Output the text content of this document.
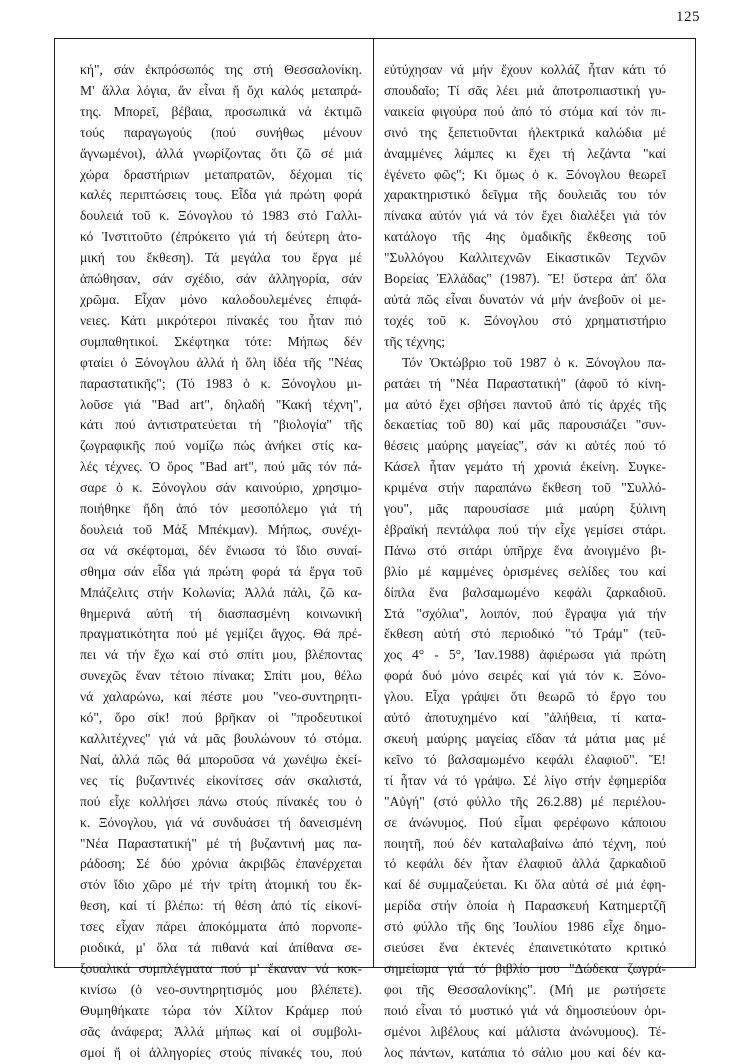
125
κή", σάν ἐκπρόσωπός της στή Θεσσαλονίκη.
Μ' ἄλλα λόγια, ἄν εἶναι ἤ ὄχι καλός μεταπρά-
της. Μπορεῖ, βέβαια, προσωπικά νά ἐκτιμῶ
τούς παραγωγούς (πού συνήθως μένουν
ἄγνωμένοι), ἀλλά γνωρίζοντας ὅτι ζῶ σέ μιά
χώρα δραστήριων μεταπρατῶν, δέχομαι τίς
καλές περιπτώσεις τους. Εἶδα γιά πρώτη φορά
δουλειά τοῦ κ. Ξόνογλου τό 1983 στό Γαλλι-
κό Ἰνστιτοῦτο (ἐπρόκειτο γιά τή δεύτερη ἀτο-
μική του ἔκθεση). Τά μεγάλα του ἔργα μέ
ἀπώθησαν, σάν σχέδιο, σάν ἀλληγορία, σάν
χρῶμα. Εἶχαν μόνο καλοδουλεμένες ἐπιφά-
νειες. Κάτι μικρότεροι πίνακές του ἦταν πιό
συμπαθητικοί. Σκέφτηκα τότε: Μήπως δέν
φταίει ὁ Ξόνογλου ἀλλά ἡ ὅλη ἰδέα τῆς "Νέας
παραστατικῆς"; (Τό 1983 ὁ κ. Ξόνογλου μι-
λοῦσε γιά "Bad art", δηλαδή "Κακή τέχνη",
κάτι πού ἀντιστρατεύεται τή "βιολογία" τῆς
ζωγραφικῆς πού νομίζω πώς ἀνήκει στίς κα-
λές τέχνες. Ὁ ὅρος "Bad art", πού μᾶς τόν πά-
σαρε ὁ κ. Ξόνογλου σάν καινούριο, χρησιμο-
ποιήθηκε ἤδη ἀπό τόν μεσοπόλεμο γιά τή
δουλειά τοῦ Μάξ Μπέκμαν). Μήπως, συνέχι-
σα νά σκέφτομαι, δέν ἔνιωσα τό ἴδιο συναί-
σθημα σάν εἶδα γιά πρώτη φορά τά ἔργα τοῦ
Μπάζελιτς στήν Κολωνία; Ἀλλά πάλι, ζῶ κα-
θημερινά αὐτή τή διασπασμένη κοινωνική
πραγματικότητα πού μέ γεμίζει ἄγχος. Θά πρέ-
πει νά τήν ἔχω καί στό σπίτι μου, βλέποντας
συνεχῶς ἕναν τέτοιο πίνακα; Σπίτι μου, θέλω
νά χαλαρώνω, καί πέστε μου "νεο-συντηρητι-
κό", ὅρο σίκ! πού βρῆκαν οἱ "προδευτικοί
καλλιτέχνες" γιά νά μᾶς βουλώνουν τό στόμα.
Ναί, ἀλλά πῶς θά μποροῦσα νά χωνέψω ἐκεί-
νες τίς βυζαντινές εἰκονίτσες σάν σκαλιστά,
πού εἶχε κολλήσει πάνω στούς πίνακές του ὁ
κ. Ξόνογλου, γιά νά συνδυάσει τή δανεισμένη
"Νέα Παραστατική" μέ τή βυζαντινή μας πα-
ράδοση; Σέ δύο χρόνια ἀκριβῶς ἐπανέρχεται
στόν ἴδιο χῶρο μέ τήν τρίτη ἀτομική του ἔκ-
θεση, καί τί βλέπω: τή θέση ἀπό τίς εἰκονί-
τσες εἶχαν πάρει ἀποκόμματα ἀπό πορνοπε-
ριοδικά, μ' ὅλα τά πιθανά καί ἀπίθανα σε-
ξουαλικά συμπλέγματα πού μ' ἔκαναν νά κοκ-
κινίσω (ὁ νεο-συντηρητισμός μου βλέπετε).
Θυμηθήκατε τώρα τόν Χίλτον Κράμερ πού
σᾶς ἀνάφερα; Ἀλλά μήπως καί οἱ συμβολι-
σμοί ἤ οἱ ἀλληγορίες στούς πίνακές του, πού
εὐτύχησαν νά μήν ἔχουν κολλάζ ἦταν κάτι τό
σπουδαῖο; Τί σᾶς λέει μιά ἀποτροπιαστική γυ-
ναικεία φιγούρα πού ἀπό τό στόμα καί τόν πι-
σινό της ξεπετιοῦνται ἠλεκτρικά καλώδια μέ
ἀναμμένες λάμπες κι ἔχει τή λεζάντα "καί
ἐγένετο φῶς"; Κι ὅμως ὁ κ. Ξόνογλου θεωρεῖ
χαρακτηριστικό δεῖγμα τῆς δουλειᾶς του τόν
πίνακα αὐτόν γιά νά τόν ἔχει διαλέξει γιά τόν
κατάλογο τῆς 4ης ὁμαδικῆς ἔκθεσης τοῦ
"Συλλόγου Καλλιτεχνῶν Εἰκαστικῶν Τεχνῶν
Βορείας Ἑλλάδας" (1987). Ἔ! ὕστερα ἀπ' ὅλα
αὐτά πῶς εἶναι δυνατόν νά μήν ἀνεβοῦν οἱ με-
τοχές τοῦ κ. Ξόνογλου στό χρηματιστήριο
τῆς τέχνης;
Τόν Ὀκτώβριο τοῦ 1987 ὁ κ. Ξόνογλου πα-
ρατάει τή "Νέα Παραστατική" (ἀφοῦ τό κίνη-
μα αὐτό ἔχει σβήσει παντοῦ ἀπό τίς ἀρχές τῆς
δεκαετίας τοῦ 80) καί μᾶς παρουσιάζει "συν-
θέσεις μαύρης μαγείας", σάν κι αὐτές πού τό
Κάσελ ἦταν γεμάτο τή χρονιά ἐκείνη. Συγκε-
κριμένα στήν παραπάνω ἔκθεση τοῦ "Συλλό-
γου", μᾶς παρουσίασε μιά μαύρη ξύλινη
ἑβραϊκή πεντάλφα πού τήν εἶχε γεμίσει στάρι.
Πάνω στό σιτάρι ὑπῆρχε ἕνα ἀνοιγμένο βι-
βλίο μέ καμμένες ὁρισμένες σελίδες του καί
δίπλα ἕνα βαλσαμωμένο κεφάλι ζαρκαδιοῦ.
Στά "σχόλια", λοιπόν, πού ἔγραψα γιά τήν
ἔκθεση αὐτή στό περιοδικό "τό Τράμ" (τεῦ-
χος 4° - 5°, Ἰαν.1988) ἀφιέρωσα γιά πρώτη
φορά δυό μόνο σειρές καί γιά τόν κ. Ξόνο-
γλου. Εἶχα γράψει ὅτι θεωρῶ τό ἔργο του
αὐτό ἀποτυχημένο καί "ἀλήθεια, τί κατα-
σκευή μαύρης μαγείας εἴδαν τά μάτια μας μέ
κεῖνο τό βαλσαμωμένο κεφάλι ἐλαφιοῦ". Ἔ!
τί ἦταν νά τό γράψω. Σέ λίγο στήν ἐφημερίδα
"Αὐγή" (στό φύλλο τῆς 26.2.88) μέ περιέλου-
σε ἀνώνυμος. Πού εἶμαι φερέφωνο κάποιου
ποιητῆ, πού δέν καταλαβαίνω ἀπό τέχνη, πού
τό κεφάλι δέν ἦταν ἐλαφιοῦ ἀλλά ζαρκαδιοῦ
καί δέ συμμαζεύεται. Κι ὅλα αὐτά σέ μιά ἐφη-
μερίδα στήν ὁποία ἡ Παρασκευή Κατημερτζῆ
στό φύλλο τῆς 6ης Ἰουλίου 1986 εἶχε δημο-
σιεύσει ἕνα ἐκτενές ἐπαινετικότατο κριτικό
σημείωμα γιά τό βιβλίο μου "Δώδεκα ζωγρά-
φοι τῆς Θεσσαλονίκης". (Μή με ρωτήσετε
ποιό εἶναι τό μυστικό γιά νά δημοσιεύουν ὁρι-
σμένοι λιβέλους καί μάλιστα ἀνώνυμους). Τέ-
λος πάντων, κατάπια τό σάλιο μου καί δέν κα-
